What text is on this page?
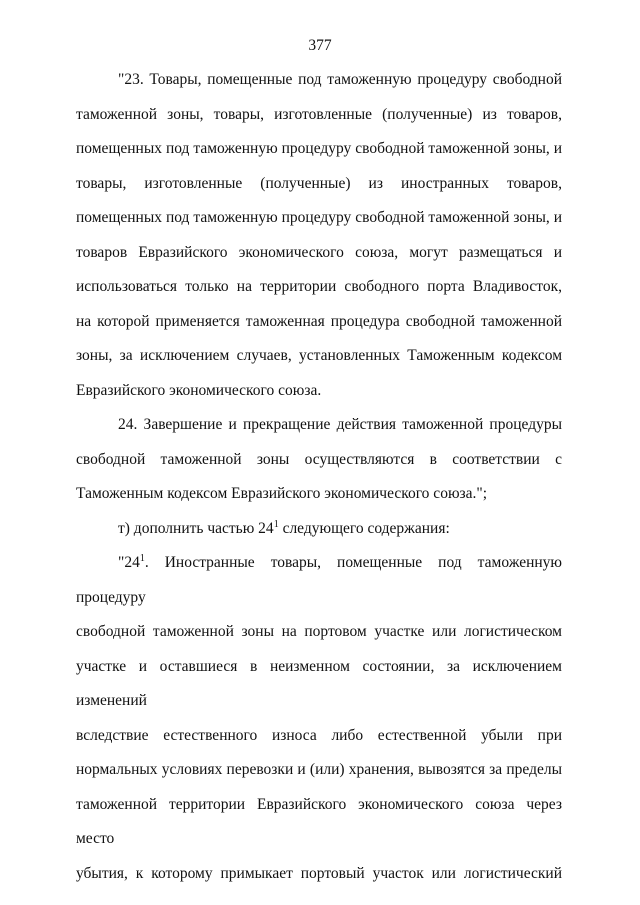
377
"23. Товары, помещенные под таможенную процедуру свободной
таможенной зоны, товары, изготовленные (полученные) из товаров,
помещенных под таможенную процедуру свободной таможенной зоны, и
товары, изготовленные (полученные) из иностранных товаров,
помещенных под таможенную процедуру свободной таможенной зоны, и
товаров Евразийского экономического союза, могут размещаться и
использоваться только на территории свободного порта Владивосток,
на которой применяется таможенная процедура свободной таможенной
зоны, за исключением случаев, установленных Таможенным кодексом
Евразийского экономического союза.
24. Завершение и прекращение действия таможенной процедуры
свободной таможенной зоны осуществляются в соответствии с
Таможенным кодексом Евразийского экономического союза.";
т) дополнить частью $24^1$ следующего содержания:
"$24^1$. Иностранные товары, помещенные под таможенную процедуру
свободной таможенной зоны на портовом участке или логистическом
участке и оставшиеся в неизменном состоянии, за исключением изменений
вследствие естественного износа либо естественной убыли при
нормальных условиях перевозки и (или) хранения, вывозятся за пределы
таможенной территории Евразийского экономического союза через место
убытия, к которому примыкает портовый участок или логистический
